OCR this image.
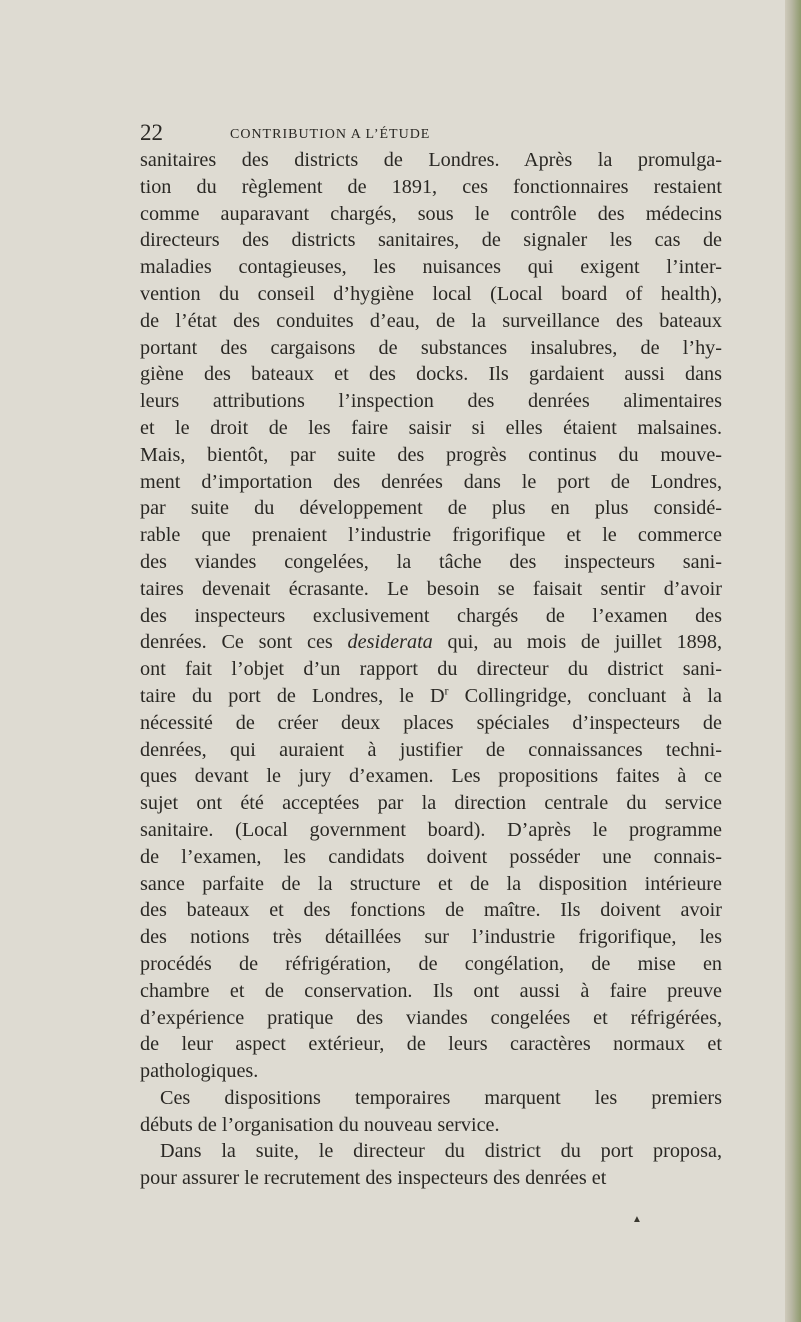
22	CONTRIBUTION A L’ÉTUDE
sanitaires des districts de Londres. Après la promulga-
tion du règlement de 1891, ces fonctionnaires restaient
comme auparavant chargés, sous le contrôle des médecins
directeurs des districts sanitaires, de signaler les cas de
maladies contagieuses, les nuisances qui exigent l’inter-
vention du conseil d’hygiène local (Local board of health),
de l’état des conduites d’eau, de la surveillance des bateaux
portant des cargaisons de substances insalubres, de l’hy-
giène des bateaux et des docks. Ils gardaient aussi dans
leurs attributions l’inspection des denrées alimentaires
et le droit de les faire saisir si elles étaient malsaines.
Mais, bientôt, par suite des progrès continus du mouve-
ment d’importation des denrées dans le port de Londres,
par suite du développement de plus en plus considé-
rable que prenaient l’industrie frigorifique et le commerce
des viandes congelées, la tâche des inspecteurs sani-
taires devenait écrasante. Le besoin se faisait sentir d’avoir
des inspecteurs exclusivement chargés de l’examen des
denrées. Ce sont ces desiderata qui, au mois de juillet 1898,
ont fait l’objet d’un rapport du directeur du district sani-
taire du port de Londres, le $D^r$ Collingridge, concluant à la
nécessité de créer deux places spéciales d’inspecteurs de
denrées, qui auraient à justifier de connaissances techni-
ques devant le jury d’examen. Les propositions faites à ce
sujet ont été acceptées par la direction centrale du service
sanitaire. (Local government board). D’après le programme
de l’examen, les candidats doivent posséder une connais-
sance parfaite de la structure et de la disposition intérieure
des bateaux et des fonctions de maître. Ils doivent avoir
des notions très détaillées sur l’industrie frigorifique, les
procédés de réfrigération, de congélation, de mise en
chambre et de conservation. Ils ont aussi à faire preuve
d’expérience pratique des viandes congelées et réfrigérées,
de leur aspect extérieur, de leurs caractères normaux et
pathologiques.
Ces dispositions temporaires marquent les premiers
débuts de l’organisation du nouveau service.
Dans la suite, le directeur du district du port proposa,
pour assurer le recrutement des inspecteurs des denrées et
▲
